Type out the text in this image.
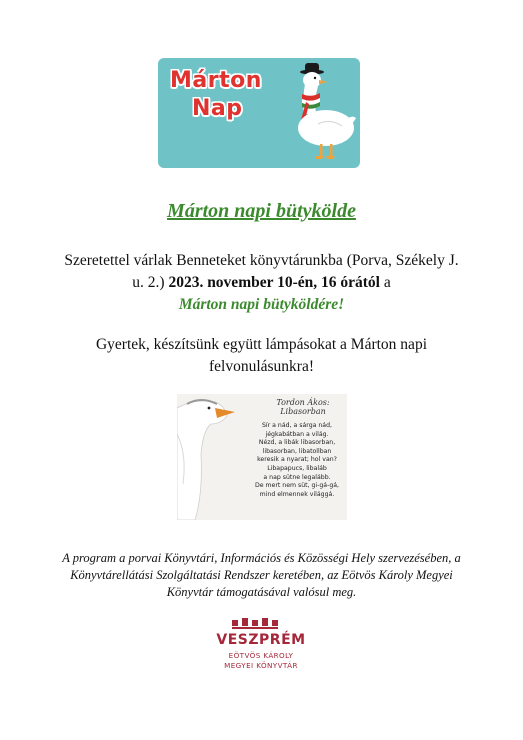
Márton
Nap
Márton napi bütykölde
Szeretettel várlak Benneteket könyvtárunkba (Porva, Székely J. u. 2.) 2023. november 10-én, 16 órától a
Márton napi bütyköldére!
Gyertek, készítsünk együtt lámpásokat a Márton napi felvonulásunkra!
Tordon Ákos:
Libasorban
Sír a nád, a sárga nád,
jégkabátban a világ.
Nézd, a libák libasorban,
libasorban, libatollban
keresik a nyarat; hol van?
Libapapucs, libaláb
a nap sütne legalább.
De mert nem süt, gi-gá-gá,
mind elmennek világgá.
A program a porvai Könyvtári, Információs és Közösségi Hely szervezésében, a Könyvtárellátási Szolgáltatási Rendszer keretében, az Eötvös Károly Megyei Könyvtár támogatásával valósul meg.
VESZPRÉM
EÖTVÖS KÁROLY
MEGYEI KÖNYVTÁR
